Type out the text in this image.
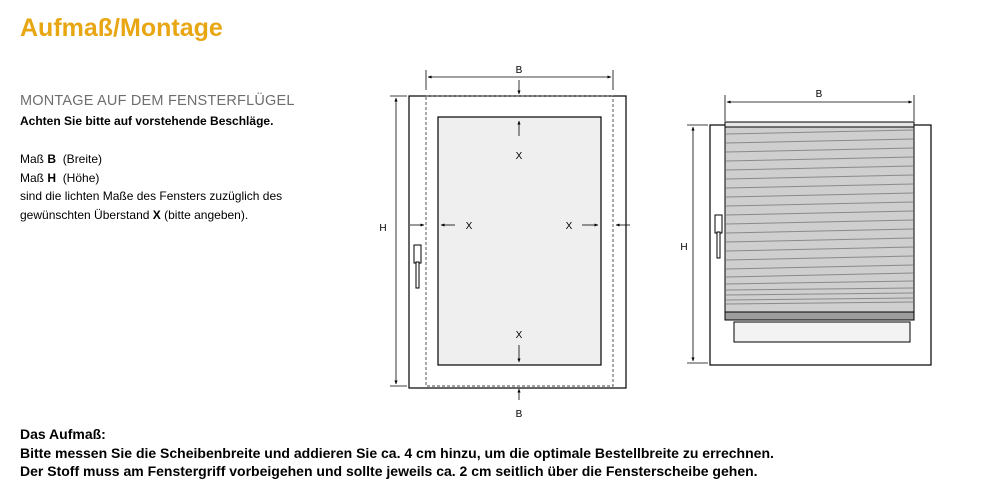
Aufmaß/Montage
MONTAGE AUF DEM FENSTERFLÜGEL
Achten Sie bitte auf vorstehende Beschläge.
Maß B (Breite)
Maß H (Höhe)
sind die lichten Maße des Fensters zuzüglich des
gewünschten Überstand X (bitte angeben).
B
B
H
X
X	X
X
B
H
Das Aufmaß:
Bitte messen Sie die Scheibenbreite und addieren Sie ca. 4 cm hinzu, um die optimale Bestellbreite zu errechnen.
Der Stoff muss am Fenstergriff vorbeigehen und sollte jeweils ca. 2 cm seitlich über die Fensterscheibe gehen.
